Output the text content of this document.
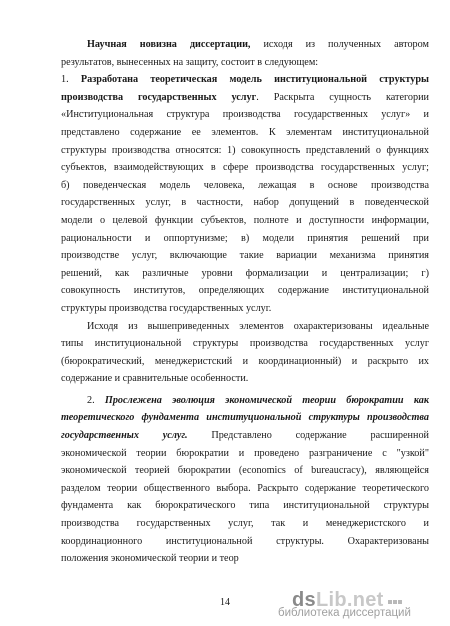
Научная новизна диссертации, исходя из полученных автором
результатов, вынесенных на защиту, состоит в следующем:
1. Разработана теоретическая модель институциональной структуры
производства государственных услуг. Раскрыта сущность категории
«Институциональная структура производства государственных услуг» и
представлено содержание ее элементов. К элементам институциональной
структуры производства относятся: 1) совокупность представлений о функциях
субъектов, взаимодействующих в сфере производства государственных услуг;
б) поведенческая модель человека, лежащая в основе производства
государственных услуг, в частности, набор допущений в поведенческой
модели о целевой функции субъектов, полноте и доступности информации,
рациональности и оппортунизме; в) модели принятия решений при
производстве услуг, включающие такие вариации механизма принятия
решений, как различные уровни формализации и централизации; г)
совокупность институтов, определяющих содержание институциональной
структуры производства государственных услуг.
Исходя из вышеприведенных элементов охарактеризованы идеальные
типы институциональной структуры производства государственных услуг
(бюрократический, менеджеристский и координационный) и раскрыто их
содержание и сравнительные особенности.
2. Прослежена эволюция экономической теории бюрократии как
теоретического фундамента институциональной структуры производства
государственных услуг. Представлено содержание расширенной
экономической теории бюрократии и проведено разграничение с "узкой"
экономической теорией бюрократии (economics of bureaucracy), являющейся
разделом теории общественного выбора. Раскрыто содержание теоретического
фундамента как бюрократического типа институциональной структуры
производства государственных услуг, так и менеджеристского и
координационного институциональной структуры. Охарактеризованы
положения экономической теории и теор
14	dsLib.net
библиотека диссертаций
